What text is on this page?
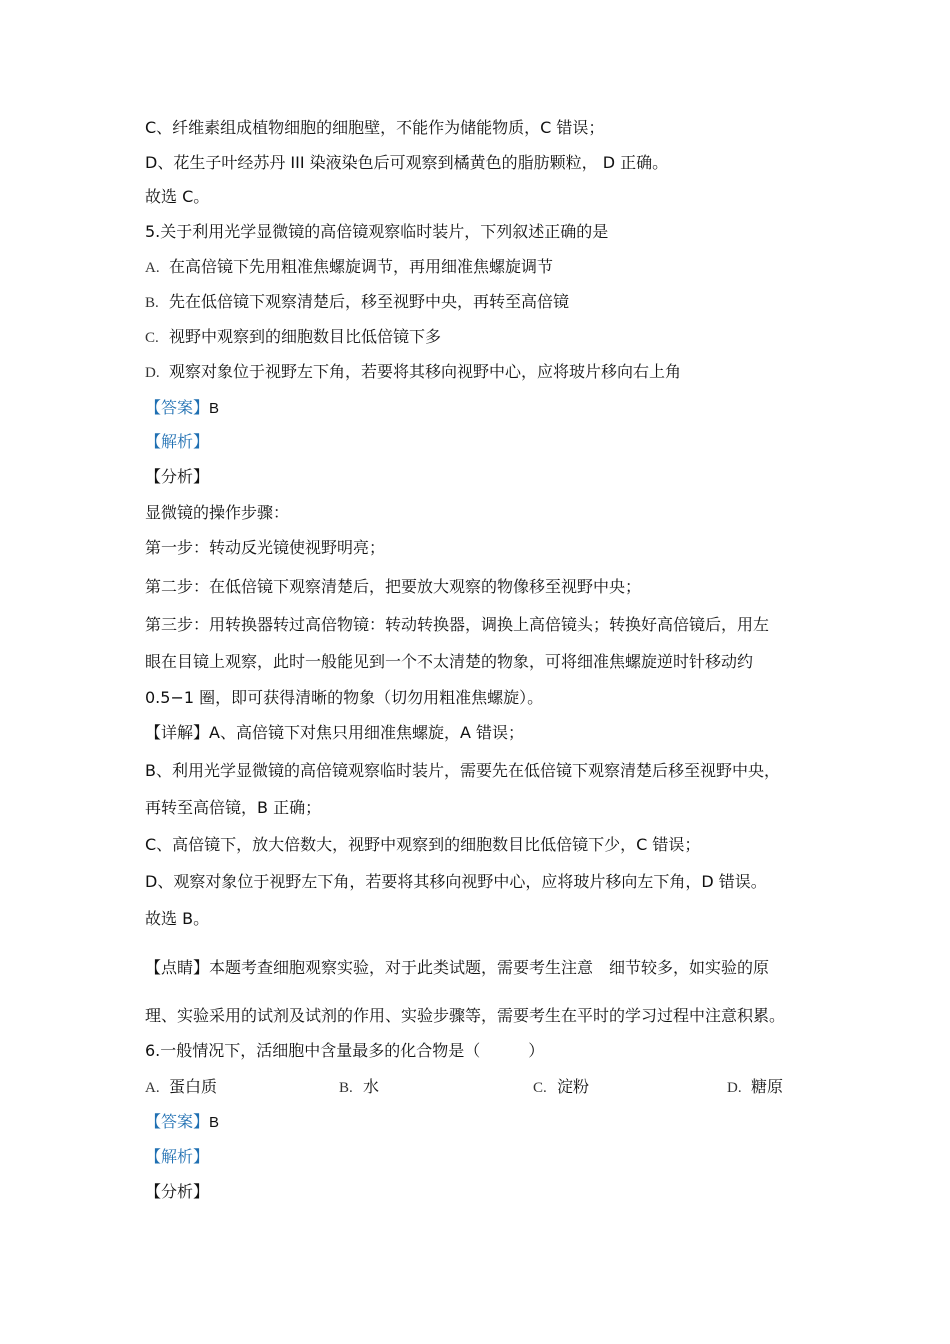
C、纤维素组成植物细胞的细胞壁，不能作为储能物质，C 错误；
D、花生子叶经苏丹 III 染液染色后可观察到橘黄色的脂肪颗粒， D 正确。
故选 C。
5.关于利用光学显微镜的高倍镜观察临时装片，下列叙述正确的是
A. 在高倍镜下先用粗准焦螺旋调节，再用细准焦螺旋调节
B. 先在低倍镜下观察清楚后，移至视野中央，再转至高倍镜
C. 视野中观察到的细胞数目比低倍镜下多
D. 观察对象位于视野左下角，若要将其移向视野中心，应将玻片移向右上角
【答案】B
【解析】
【分析】
显微镜的操作步骤：
第一步：转动反光镜使视野明亮；
第二步：在低倍镜下观察清楚后，把要放大观察的物像移至视野中央；
第三步：用转换器转过高倍物镜：转动转换器，调换上高倍镜头；转换好高倍镜后，用左
眼在目镜上观察，此时一般能见到一个不太清楚的物象，可将细准焦螺旋逆时针移动约
0.5−1 圈，即可获得清晰的物象（切勿用粗准焦螺旋）。
【详解】A、高倍镜下对焦只用细准焦螺旋，A 错误；
B、利用光学显微镜的高倍镜观察临时装片，需要先在低倍镜下观察清楚后移至视野中央，
再转至高倍镜，B 正确；
C、高倍镜下，放大倍数大，视野中观察到的细胞数目比低倍镜下少，C 错误；
D、观察对象位于视野左下角，若要将其移向视野中心，应将玻片移向左下角，D 错误。
故选 B。
【点睛】本题考查细胞观察实验，对于此类试题，需要考生注意　细节较多，如实验的原
理、实验采用的试剂及试剂的作用、实验步骤等，需要考生在平时的学习过程中注意积累。
6.一般情况下，活细胞中含量最多的化合物是（　　　）
A. 蛋白质	B. 水	C. 淀粉	D. 糖原
【答案】B
【解析】
【分析】
